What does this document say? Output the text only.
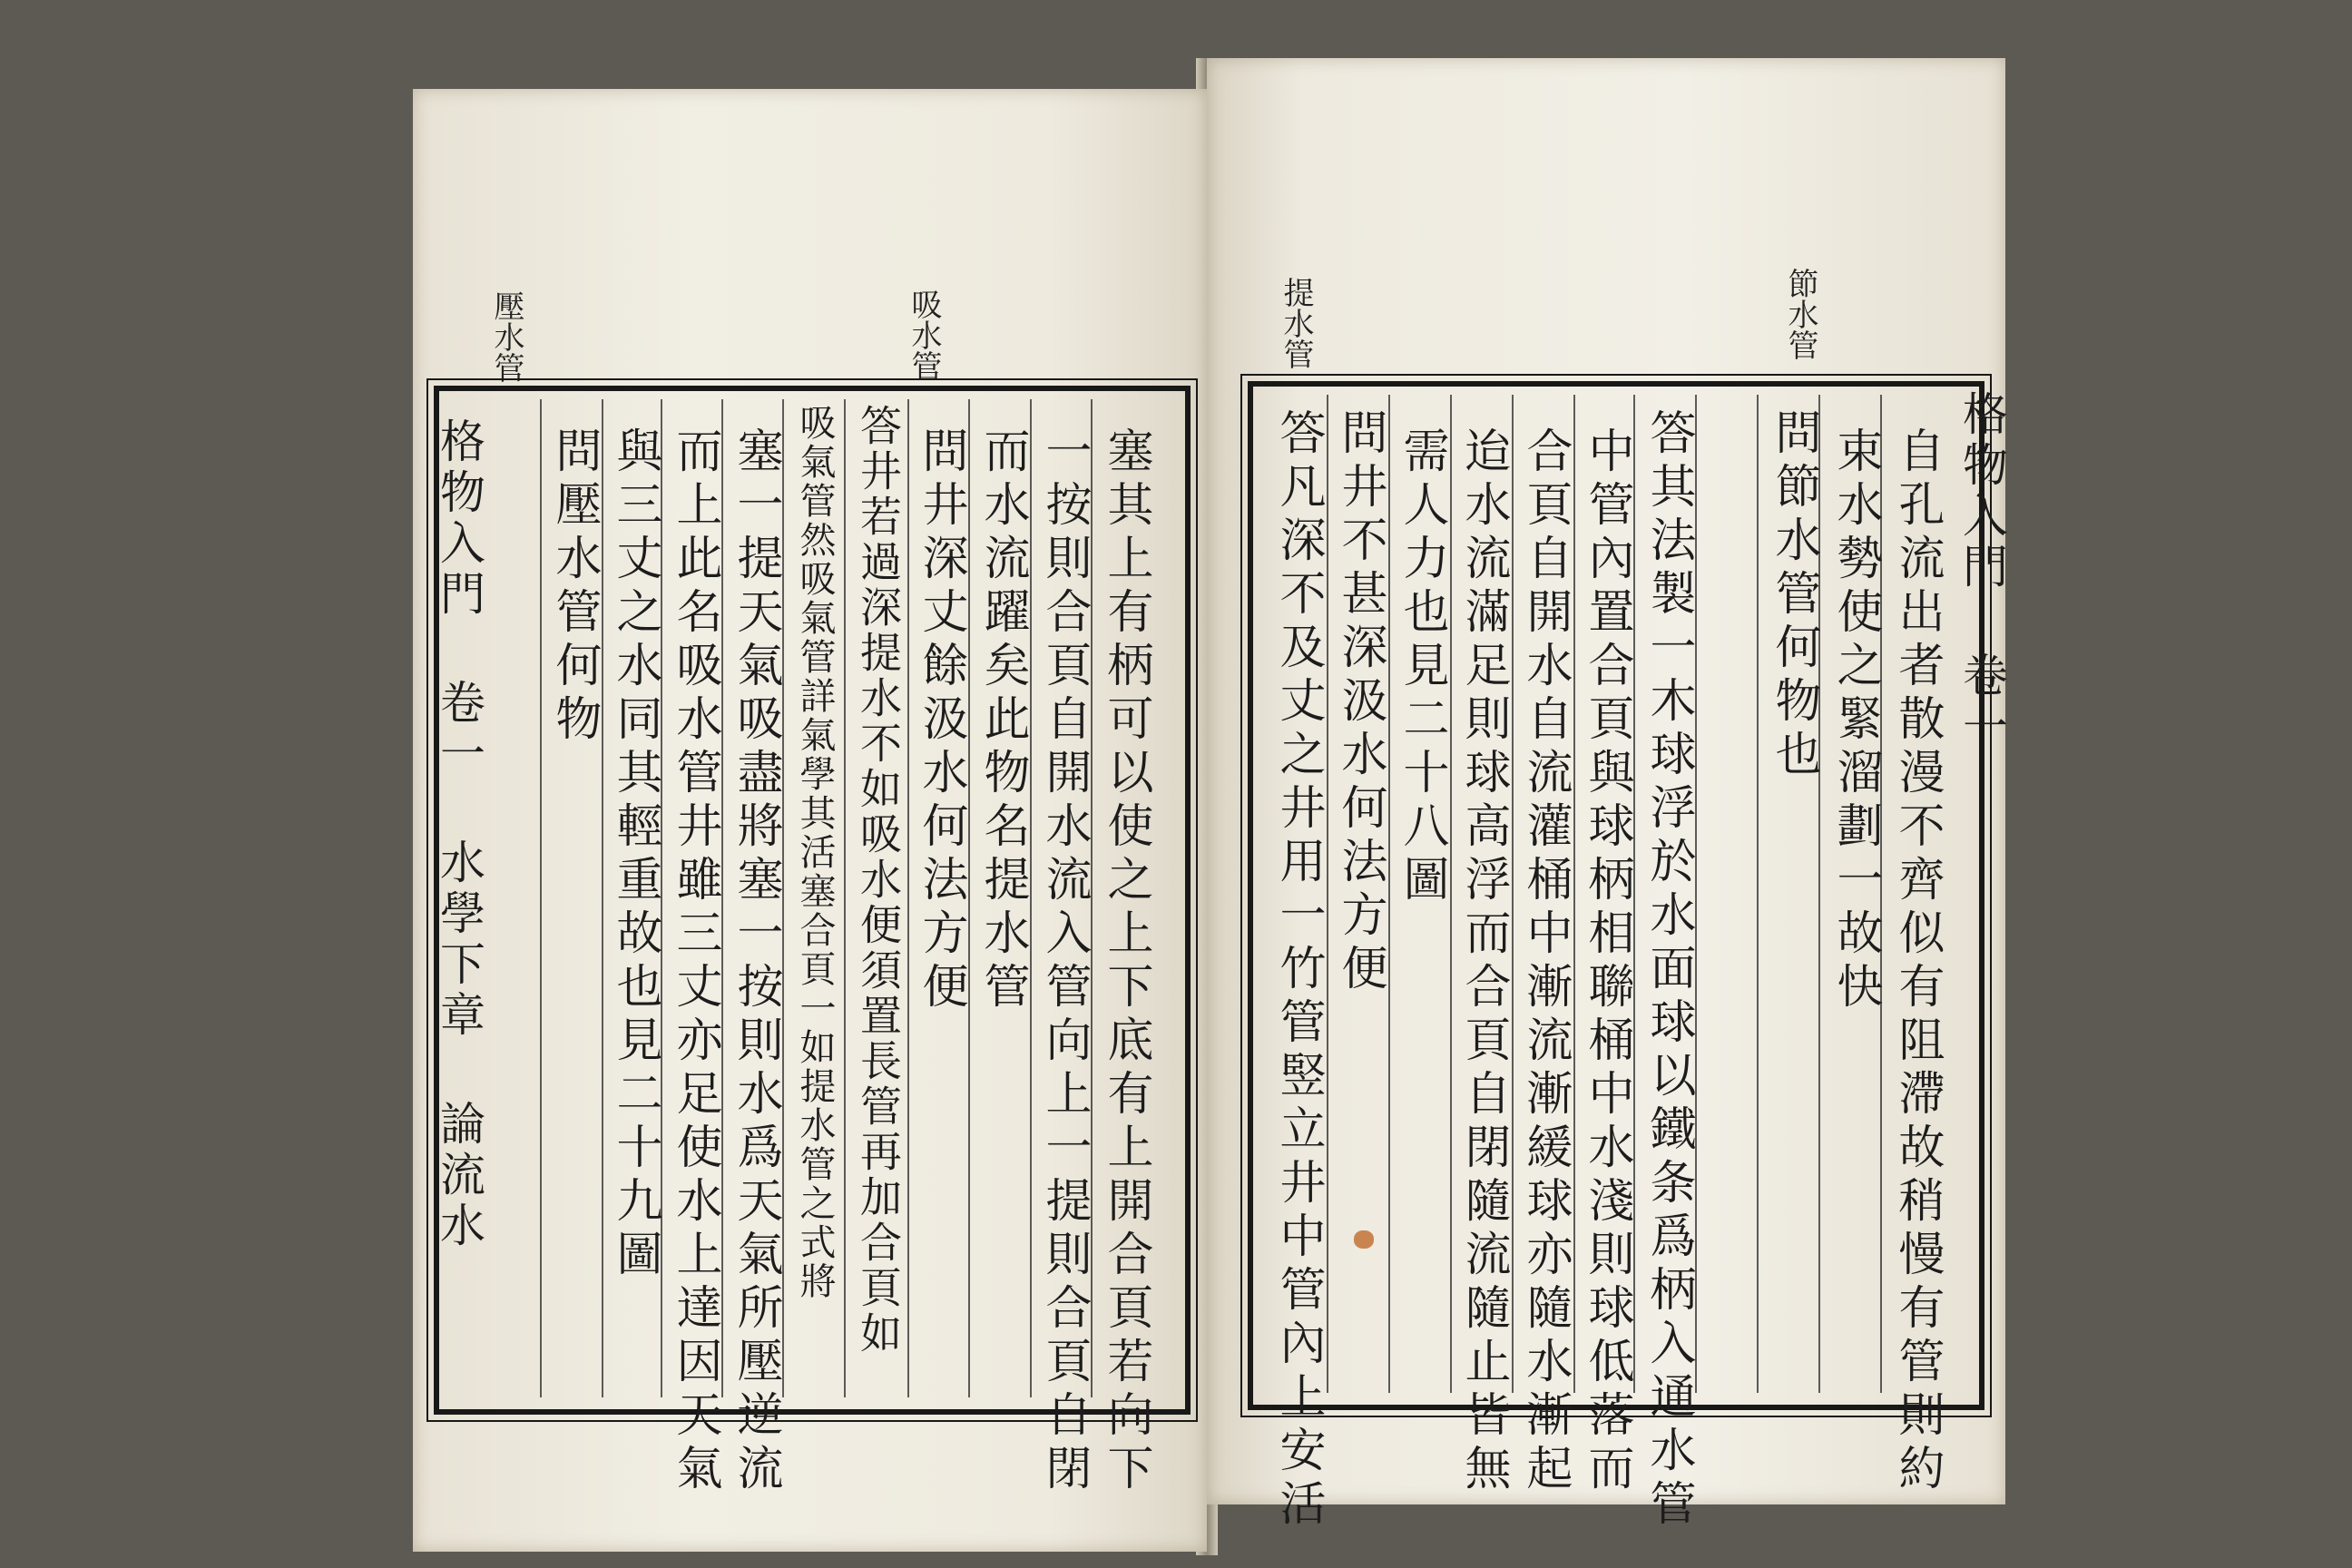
壓水管	吸水管	提水管	節水管
格物入門 卷一 水學下章 論流水	塞其上有柄可以使之上下底有上開合頁若向下
一按則合頁自開水流入管向上一提則合頁自閉
而水流躍矣此物名提水管
問井深丈餘汲水何法方便
答井若過深提水不如吸水便須置長管再加合頁如
吸氣管然吸氣管詳氣學其活塞合頁一如提水管之式將
塞一提天氣吸盡將塞一按則水爲天氣所壓逆流
而上此名吸水管井雖三丈亦足使水上達因天氣
與三丈之水同其輕重故也見二十九圖
問壓水管何物	答凡深不及丈之井用一竹管竪立井中管內上安活 問井不甚深汲水何法方便 需人力也見二十八圖 迨水流滿足則球高浮而合頁自閉隨流隨止皆無 合頁自開水自流灌桶中漸流漸緩球亦隨水漸起 中管內置合頁與球柄相聯桶中水淺則球低落而 答其法製一木球浮於水面球以鐵条爲柄入通水管 問節水管何物也 束水勢使之緊溜劃一故快 自孔流出者散漫不齊似有阻滯故稍慢有管則約 格物入門 卷一
